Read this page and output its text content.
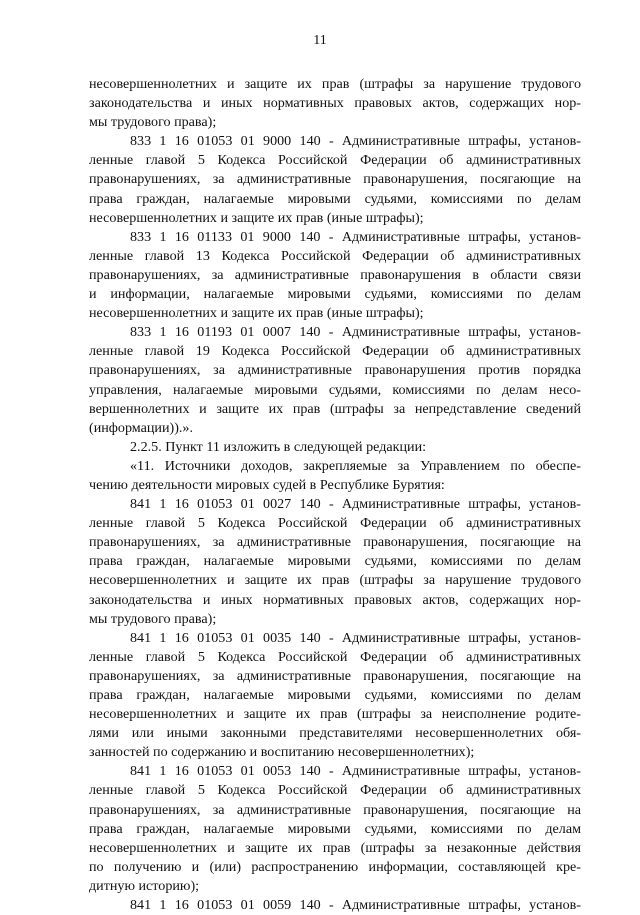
11
несовершеннолетних и защите их прав (штрафы за нарушение трудового
законодательства и иных нормативных правовых актов, содержащих нор-
мы трудового права);
833 1 16 01053 01 9000 140 - Административные штрафы, установ-
ленные главой 5 Кодекса Российской Федерации об административных
правонарушениях, за административные правонарушения, посягающие на
права граждан, налагаемые мировыми судьями, комиссиями по делам
несовершеннолетних и защите их прав (иные штрафы);
833 1 16 01133 01 9000 140 - Административные штрафы, установ-
ленные главой 13 Кодекса Российской Федерации об административных
правонарушениях, за административные правонарушения в области связи
и информации, налагаемые мировыми судьями, комиссиями по делам
несовершеннолетних и защите их прав (иные штрафы);
833 1 16 01193 01 0007 140 - Административные штрафы, установ-
ленные главой 19 Кодекса Российской Федерации об административных
правонарушениях, за административные правонарушения против порядка
управления, налагаемые мировыми судьями, комиссиями по делам несо-
вершеннолетних и защите их прав (штрафы за непредставление сведений
(информации)).».
2.2.5. Пункт 11 изложить в следующей редакции:
«11. Источники доходов, закрепляемые за Управлением по обеспе-
чению деятельности мировых судей в Республике Бурятия:
841 1 16 01053 01 0027 140 - Административные штрафы, установ-
ленные главой 5 Кодекса Российской Федерации об административных
правонарушениях, за административные правонарушения, посягающие на
права граждан, налагаемые мировыми судьями, комиссиями по делам
несовершеннолетних и защите их прав (штрафы за нарушение трудового
законодательства и иных нормативных правовых актов, содержащих нор-
мы трудового права);
841 1 16 01053 01 0035 140 - Административные штрафы, установ-
ленные главой 5 Кодекса Российской Федерации об административных
правонарушениях, за административные правонарушения, посягающие на
права граждан, налагаемые мировыми судьями, комиссиями по делам
несовершеннолетних и защите их прав (штрафы за неисполнение родите-
лями или иными законными представителями несовершеннолетних обя-
занностей по содержанию и воспитанию несовершеннолетних);
841 1 16 01053 01 0053 140 - Административные штрафы, установ-
ленные главой 5 Кодекса Российской Федерации об административных
правонарушениях, за административные правонарушения, посягающие на
права граждан, налагаемые мировыми судьями, комиссиями по делам
несовершеннолетних и защите их прав (штрафы за незаконные действия
по получению и (или) распространению информации, составляющей кре-
дитную историю);
841 1 16 01053 01 0059 140 - Административные штрафы, установ-
